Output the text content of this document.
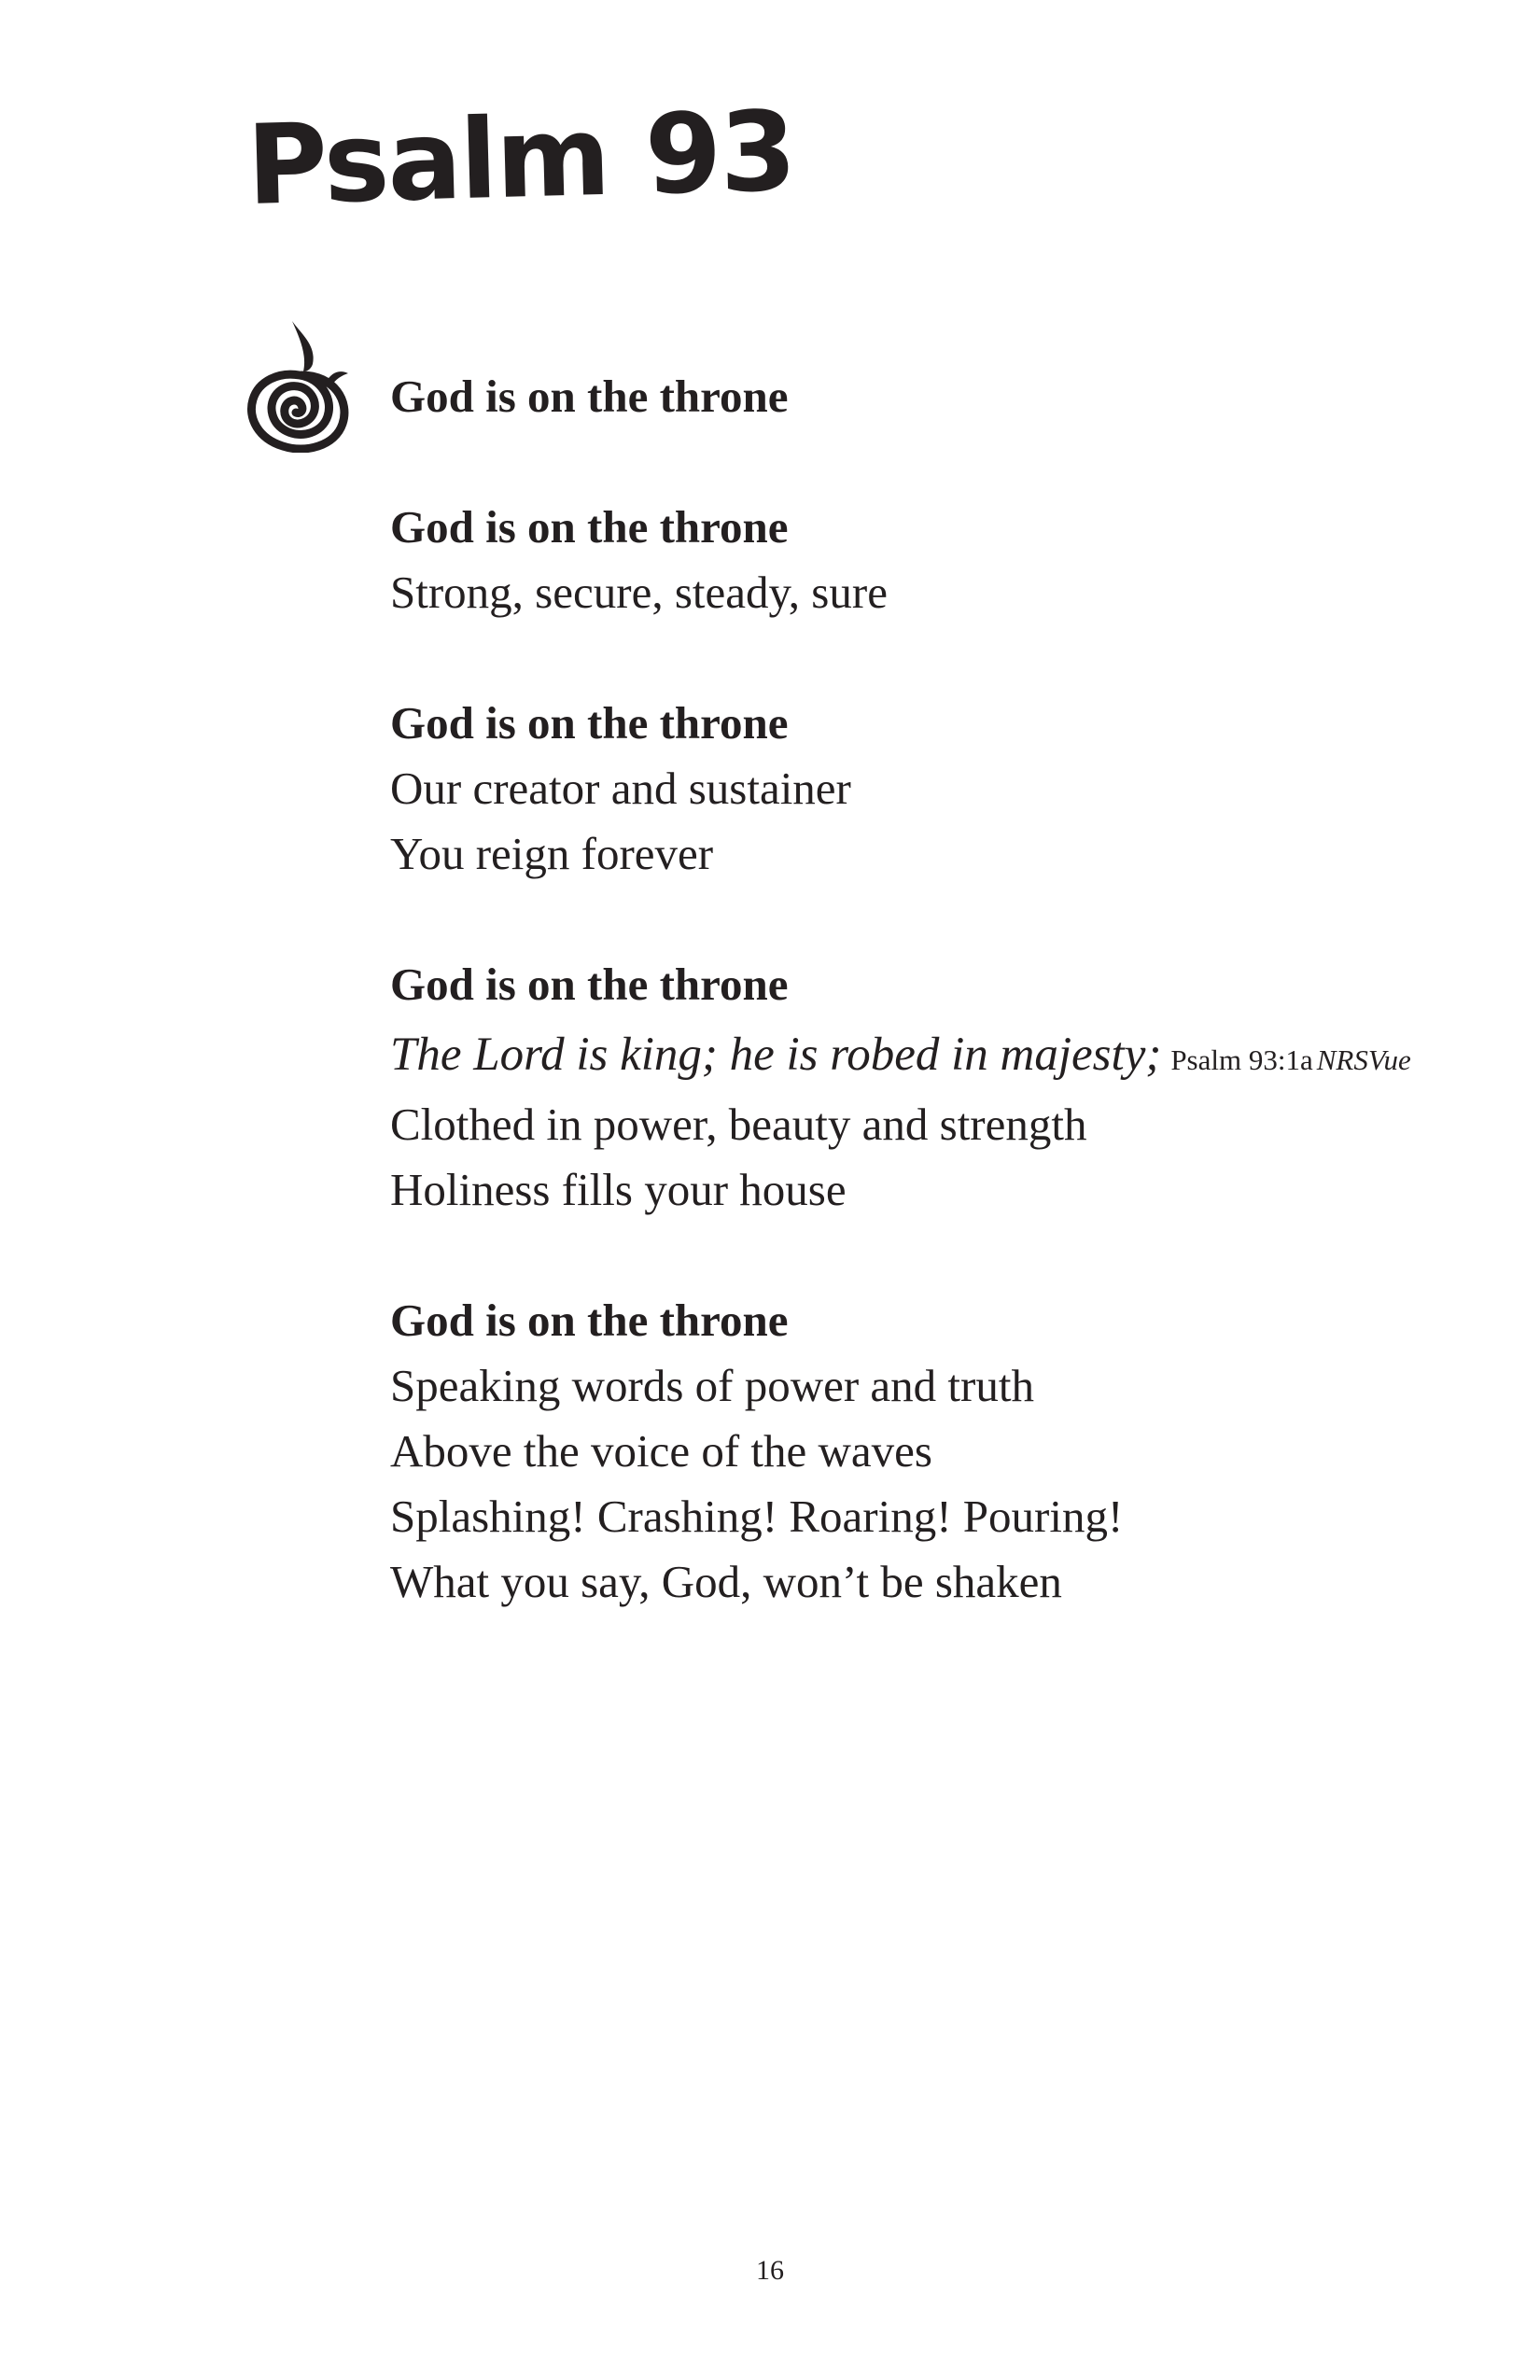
Psalm 93
God is on the throne
God is on the throne
Strong, secure, steady, sure
God is on the throne
Our creator and sustainer
You reign forever
God is on the throne
The Lord is king; he is robed in majesty; Psalm 93:1a NRSVue
Clothed in power, beauty and strength
Holiness fills your house
God is on the throne
Speaking words of power and truth
Above the voice of the waves
Splashing! Crashing! Roaring! Pouring!
What you say, God, won’t be shaken
16
